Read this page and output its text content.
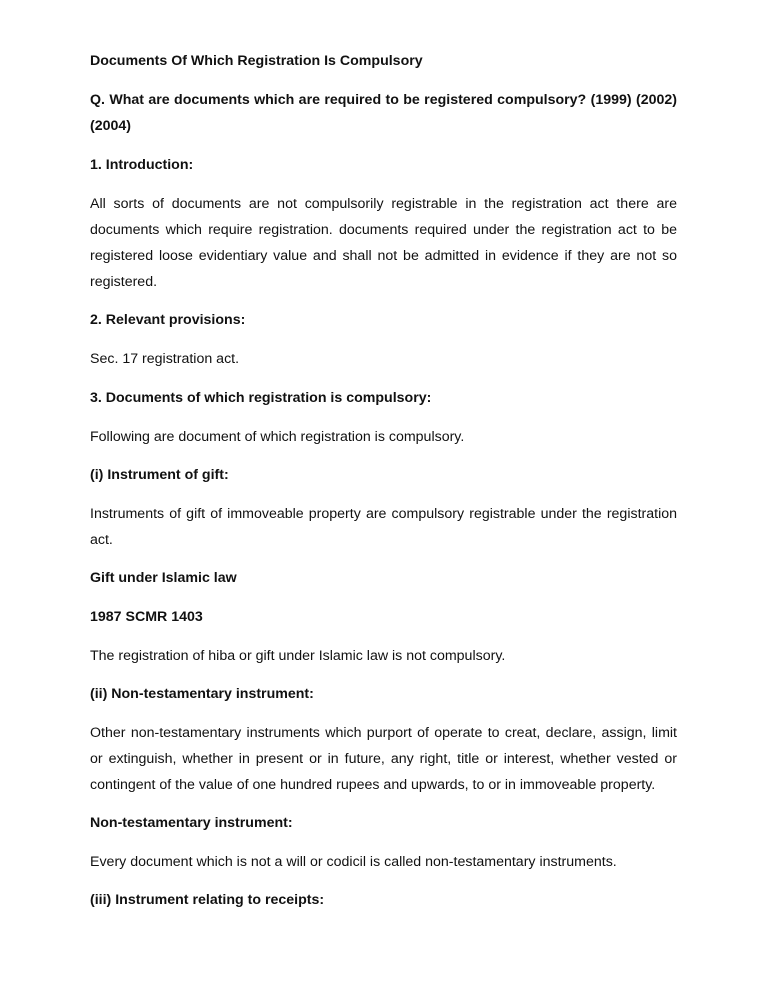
Documents Of Which Registration Is Compulsory

Q. What are documents which are required to be registered compulsory? (1999) (2002)(2004)

1. Introduction:

All sorts of documents are not compulsorily registrable in the registration act there are documents which require registration. documents required under the registration act to be registered loose evidentiary value and shall not be admitted in evidence if they are not so registered.

2. Relevant provisions:

Sec. 17 registration act.

3. Documents of which registration is compulsory:

Following are document of which registration is compulsory.

(i) Instrument of gift:

Instruments of gift of immoveable property are compulsory registrable under the registration act.

Gift under Islamic law

1987 SCMR 1403

The registration of hiba or gift under Islamic law is not compulsory.

(ii) Non-testamentary instrument:

Other non-testamentary instruments which purport of operate to creat, declare, assign, limit or extinguish, whether in present or in future, any right, title or interest, whether vested or contingent of the value of one hundred rupees and upwards, to or in immoveable property.

Non-testamentary instrument:

Every document which is not a will or codicil is called non-testamentary instruments.

(iii) Instrument relating to receipts:
